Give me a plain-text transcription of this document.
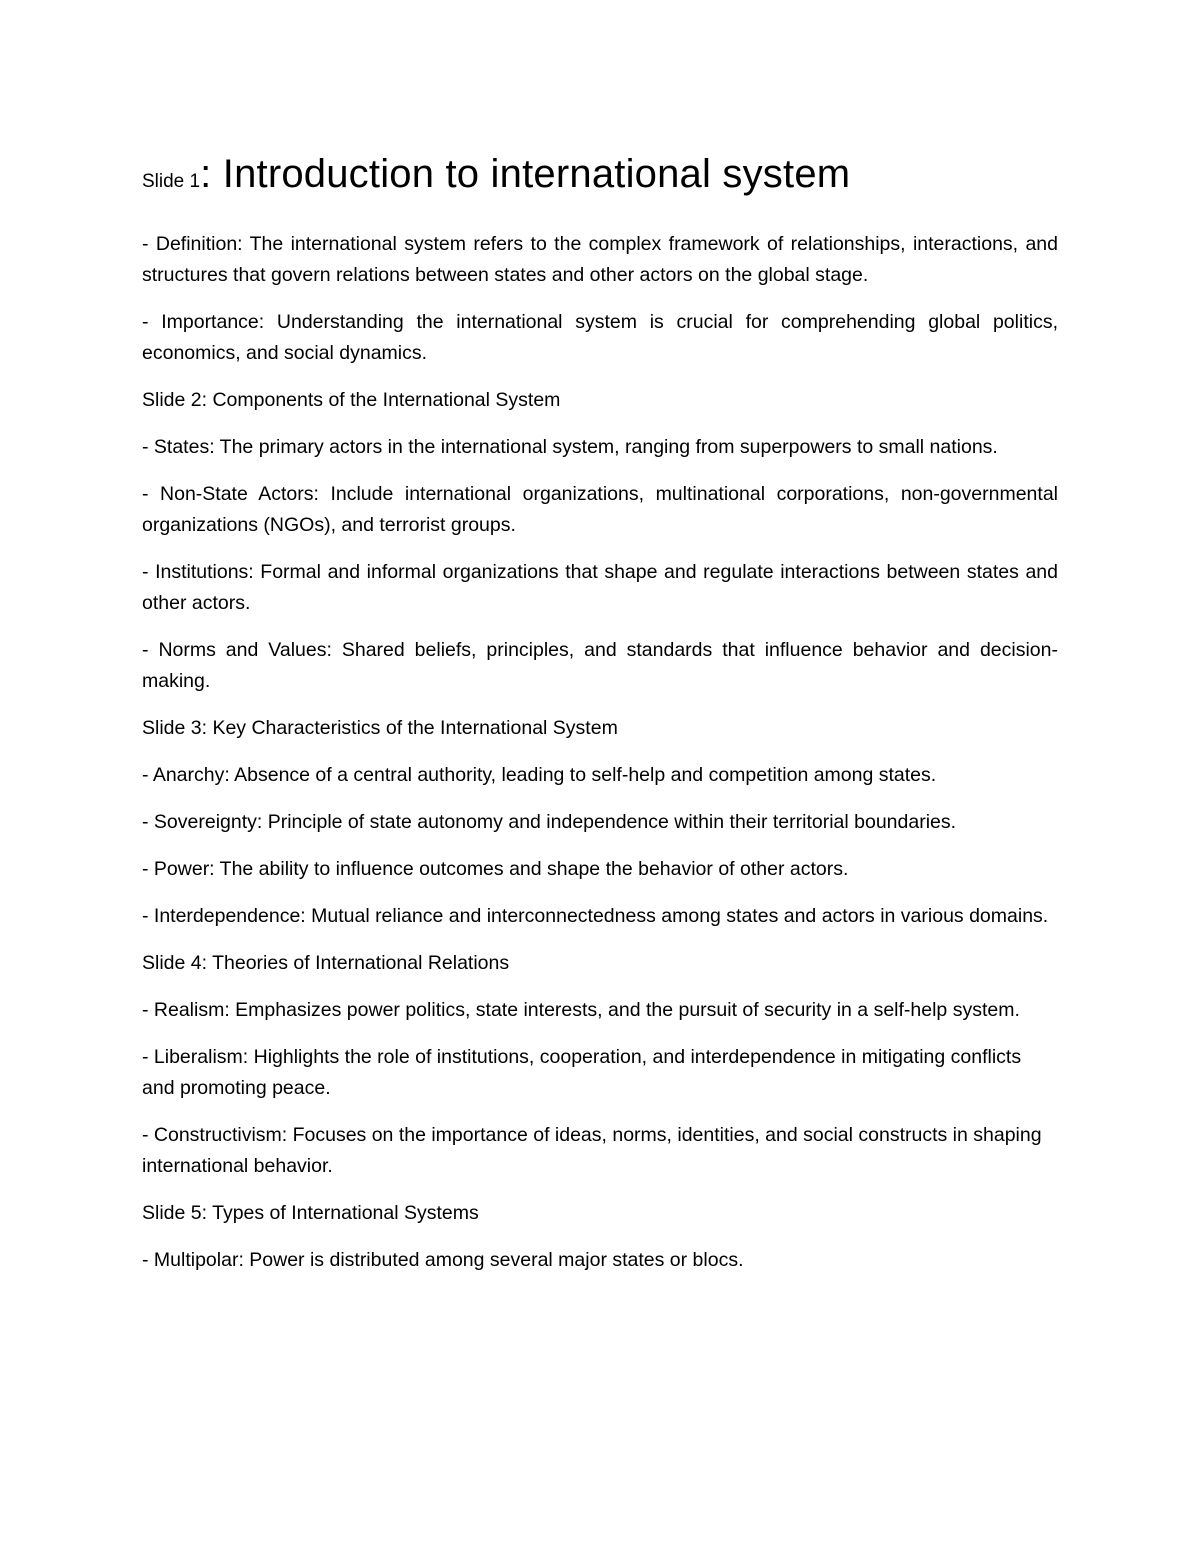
Slide 1: Introduction to international system

- Definition: The international system refers to the complex framework of relationships, interactions, and structures that govern relations between states and other actors on the global stage.

- Importance: Understanding the international system is crucial for comprehending global politics, economics, and social dynamics.

Slide 2: Components of the International System

- States: The primary actors in the international system, ranging from superpowers to small nations.

- Non-State Actors: Include international organizations, multinational corporations, non-governmental organizations (NGOs), and terrorist groups.

- Institutions: Formal and informal organizations that shape and regulate interactions between states and other actors.

- Norms and Values: Shared beliefs, principles, and standards that influence behavior and decision-making.

Slide 3: Key Characteristics of the International System

- Anarchy: Absence of a central authority, leading to self-help and competition among states.

- Sovereignty: Principle of state autonomy and independence within their territorial boundaries.

- Power: The ability to influence outcomes and shape the behavior of other actors.

- Interdependence: Mutual reliance and interconnectedness among states and actors in various domains.

Slide 4: Theories of International Relations

- Realism: Emphasizes power politics, state interests, and the pursuit of security in a self-help system.

- Liberalism: Highlights the role of institutions, cooperation, and interdependence in mitigating conflicts and promoting peace.

- Constructivism: Focuses on the importance of ideas, norms, identities, and social constructs in shaping international behavior.

Slide 5: Types of International Systems

- Multipolar: Power is distributed among several major states or blocs.
